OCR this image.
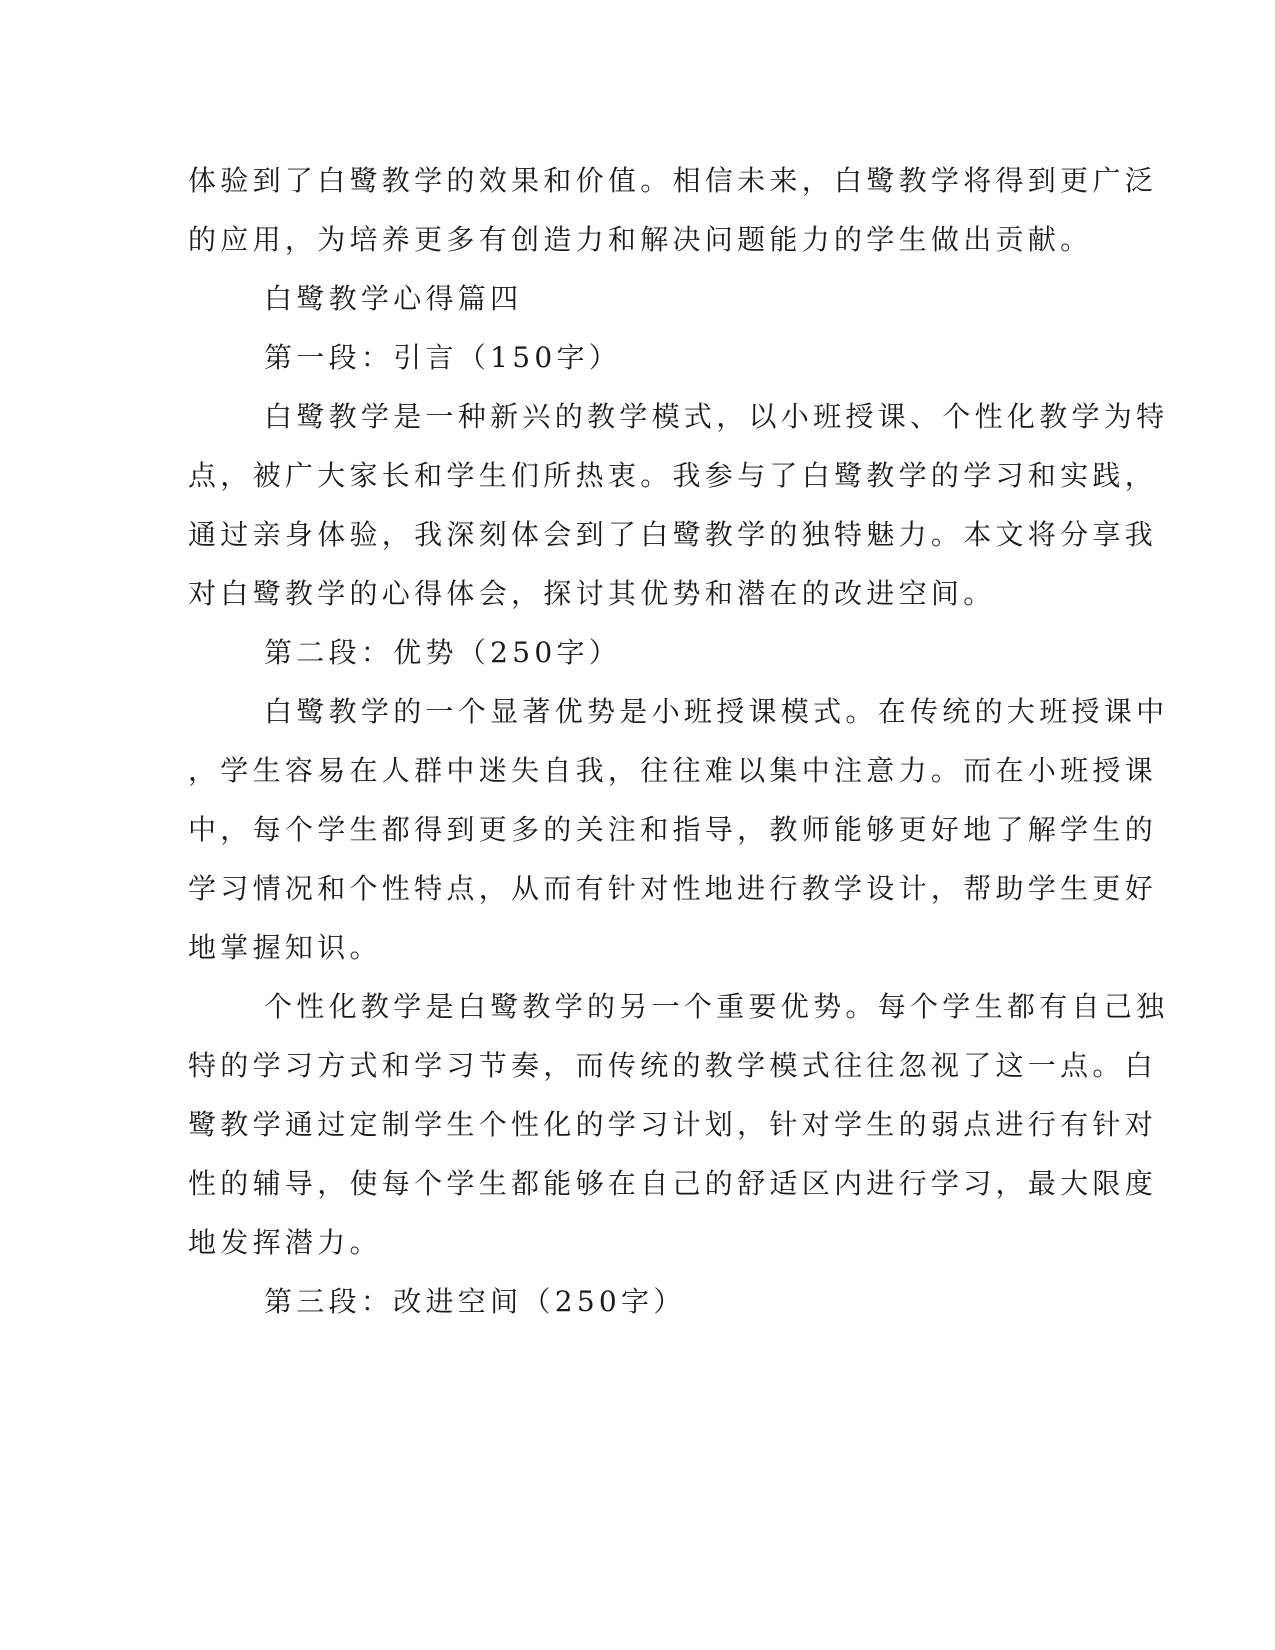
体验到了白鹭教学的效果和价值。相信未来，白鹭教学将得到更广泛
的应用，为培养更多有创造力和解决问题能力的学生做出贡献。
白鹭教学心得篇四
第一段：引言（150字）
白鹭教学是一种新兴的教学模式，以小班授课、个性化教学为特
点，被广大家长和学生们所热衷。我参与了白鹭教学的学习和实践，
通过亲身体验，我深刻体会到了白鹭教学的独特魅力。本文将分享我
对白鹭教学的心得体会，探讨其优势和潜在的改进空间。
第二段：优势（250字）
白鹭教学的一个显著优势是小班授课模式。在传统的大班授课中
，学生容易在人群中迷失自我，往往难以集中注意力。而在小班授课
中，每个学生都得到更多的关注和指导，教师能够更好地了解学生的
学习情况和个性特点，从而有针对性地进行教学设计，帮助学生更好
地掌握知识。
个性化教学是白鹭教学的另一个重要优势。每个学生都有自己独
特的学习方式和学习节奏，而传统的教学模式往往忽视了这一点。白
鹭教学通过定制学生个性化的学习计划，针对学生的弱点进行有针对
性的辅导，使每个学生都能够在自己的舒适区内进行学习，最大限度
地发挥潜力。
第三段：改进空间（250字）
